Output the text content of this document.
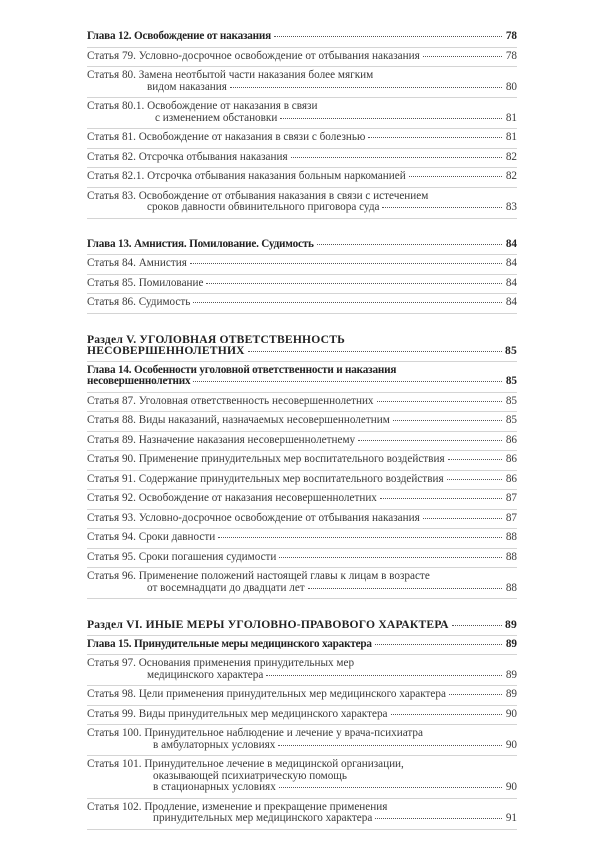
Глава 12. Освобождение от наказания	78
Статья 79. Условно-досрочное освобождение от отбывания наказания	78
Статья 80. Замена неотбытой части наказания более мягким
видом наказания	80
Статья 80.1. Освобождение от наказания в связи
с изменением обстановки	81
Статья 81. Освобождение от наказания в связи с болезнью	81
Статья 82. Отсрочка отбывания наказания	82
Статья 82.1. Отсрочка отбывания наказания больным наркоманией	82
Статья 83. Освобождение от отбывания наказания в связи с истечением
сроков давности обвинительного приговора суда	83
Глава 13. Амнистия. Помилование. Судимость	84
Статья 84. Амнистия	84
Статья 85. Помилование	84
Статья 86. Судимость	84
Раздел V. УГОЛОВНАЯ ОТВЕТСТВЕННОСТЬ
НЕСОВЕРШЕННОЛЕТНИХ	85
Глава 14. Особенности уголовной ответственности и наказания
несовершеннолетних	85
Статья 87. Уголовная ответственность несовершеннолетних	85
Статья 88. Виды наказаний, назначаемых несовершеннолетним	85
Статья 89. Назначение наказания несовершеннолетнему	86
Статья 90. Применение принудительных мер воспитательного воздействия	86
Статья 91. Содержание принудительных мер воспитательного воздействия	86
Статья 92. Освобождение от наказания несовершеннолетних	87
Статья 93. Условно-досрочное освобождение от отбывания наказания	87
Статья 94. Сроки давности	88
Статья 95. Сроки погашения судимости	88
Статья 96. Применение положений настоящей главы к лицам в возрасте
от восемнадцати до двадцати лет	88
Раздел VI. ИНЫЕ МЕРЫ УГОЛОВНО-ПРАВОВОГО ХАРАКТЕРА	89
Глава 15. Принудительные меры медицинского характера	89
Статья 97. Основания применения принудительных мер
медицинского характера	89
Статья 98. Цели применения принудительных мер медицинского характера	89
Статья 99. Виды принудительных мер медицинского характера	90
Статья 100. Принудительное наблюдение и лечение у врача-психиатра
в амбулаторных условиях	90
Статья 101. Принудительное лечение в медицинской организации,
оказывающей психиатрическую помощь
в стационарных условиях	90
Статья 102. Продление, изменение и прекращение применения
принудительных мер медицинского характера	91
